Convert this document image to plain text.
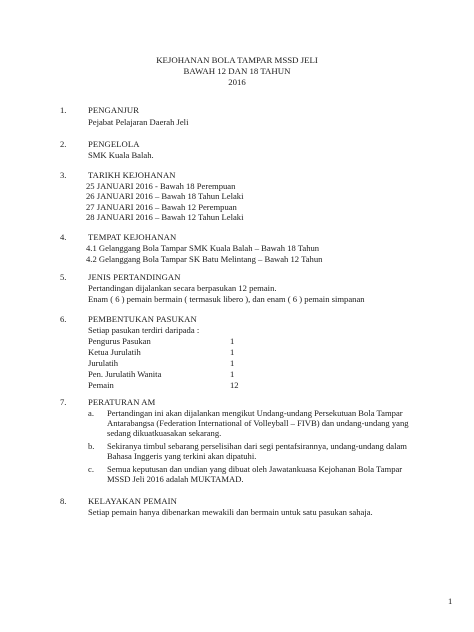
KEJOHANAN BOLA TAMPAR MSSD JELI
BAWAH 12 DAN 18 TAHUN
2016
1.	PENGANJUR
Pejabat Pelajaran Daerah Jeli
2.	PENGELOLA
SMK Kuala Balah.
3.	TARIKH KEJOHANAN
25 JANUARI 2016 - Bawah 18 Perempuan
26 JANUARI 2016 – Bawah 18 Tahun Lelaki
27 JANUARI 2016 – Bawah 12 Perempuan
28 JANUARI 2016 – Bawah 12 Tahun Lelaki
4.	TEMPAT KEJOHANAN
4.1 Gelanggang Bola Tampar SMK Kuala Balah – Bawah 18 Tahun
4.2 Gelanggang Bola Tampar SK Batu Melintang – Bawah 12 Tahun
5.	JENIS PERTANDINGAN
Pertandingan dijalankan secara berpasukan 12 pemain.
Enam ( 6 ) pemain bermain ( termasuk libero ), dan enam ( 6 ) pemain simpanan
6.	PEMBENTUKAN PASUKAN
Setiap pasukan terdiri daripada :
Pengurus Pasukan	1
Ketua Jurulatih	1
Jurulatih	1
Pen. Jurulatih Wanita	1
Pemain	12
7.	PERATURAN AM
a. Pertandingan ini akan dijalankan mengikut Undang-undang Persekutuan Bola Tampar Antarabangsa (Federation International of Volleyball – FIVB) dan undang-undang yang sedang dikuatkuasakan sekarang.
b. Sekiranya timbul sebarang perselisihan dari segi pentafsirannya, undang-undang dalam Bahasa Inggeris yang terkini akan dipatuhi.
c. Semua keputusan dan undian yang dibuat oleh Jawatankuasa Kejohanan Bola Tampar MSSD Jeli 2016 adalah MUKTAMAD.
8.	KELAYAKAN PEMAIN
Setiap pemain hanya dibenarkan mewakili dan bermain untuk satu pasukan sahaja.
1
